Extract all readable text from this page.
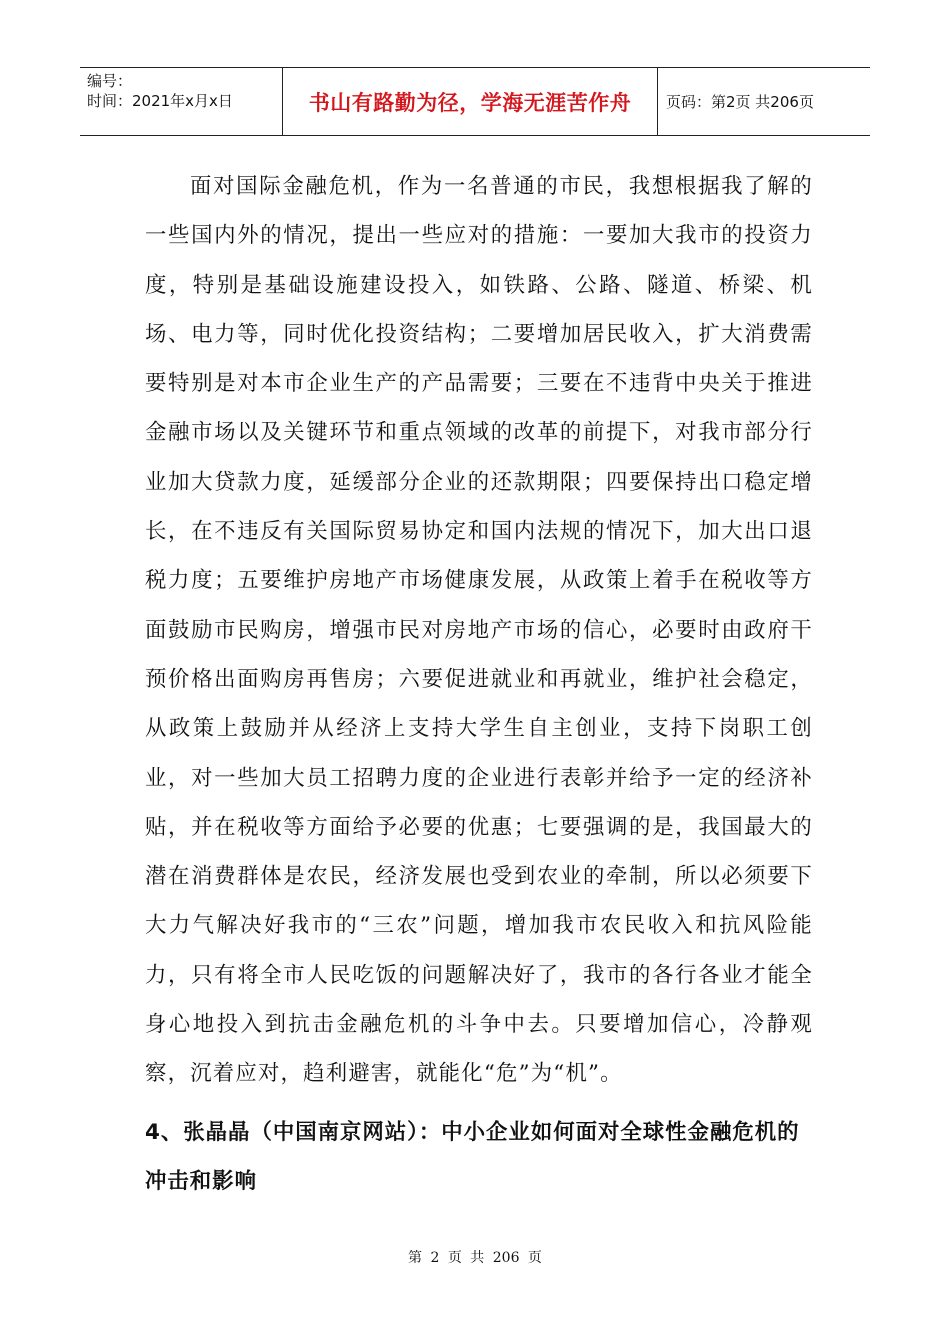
编号：
时间：2021年x月x日	书山有路勤为径，学海无涯苦作舟	页码：第2页 共206页

面对国际金融危机，作为一名普通的市民，我想根据我了解的一些国内外的情况，提出一些应对的措施：一要加大我市的投资力度，特别是基础设施建设投入，如铁路、公路、隧道、桥梁、机场、电力等，同时优化投资结构；二要增加居民收入，扩大消费需要特别是对本市企业生产的产品需要；三要在不违背中央关于推进金融市场以及关键环节和重点领域的改革的前提下，对我市部分行业加大贷款力度，延缓部分企业的还款期限；四要保持出口稳定增长，在不违反有关国际贸易协定和国内法规的情况下，加大出口退税力度；五要维护房地产市场健康发展，从政策上着手在税收等方面鼓励市民购房，增强市民对房地产市场的信心，必要时由政府干预价格出面购房再售房；六要促进就业和再就业，维护社会稳定，从政策上鼓励并从经济上支持大学生自主创业，支持下岗职工创业，对一些加大员工招聘力度的企业进行表彰并给予一定的经济补贴，并在税收等方面给予必要的优惠；七要强调的是，我国最大的潜在消费群体是农民，经济发展也受到农业的牵制，所以必须要下大力气解决好我市的“三农”问题，增加我市农民收入和抗风险能力，只有将全市人民吃饭的问题解决好了，我市的各行各业才能全身心地投入到抗击金融危机的斗争中去。只要增加信心，冷静观察，沉着应对，趋利避害，就能化“危”为“机”。

4、张晶晶（中国南京网站）：中小企业如何面对全球性金融危机的冲击和影响
第 2 页 共 206 页
